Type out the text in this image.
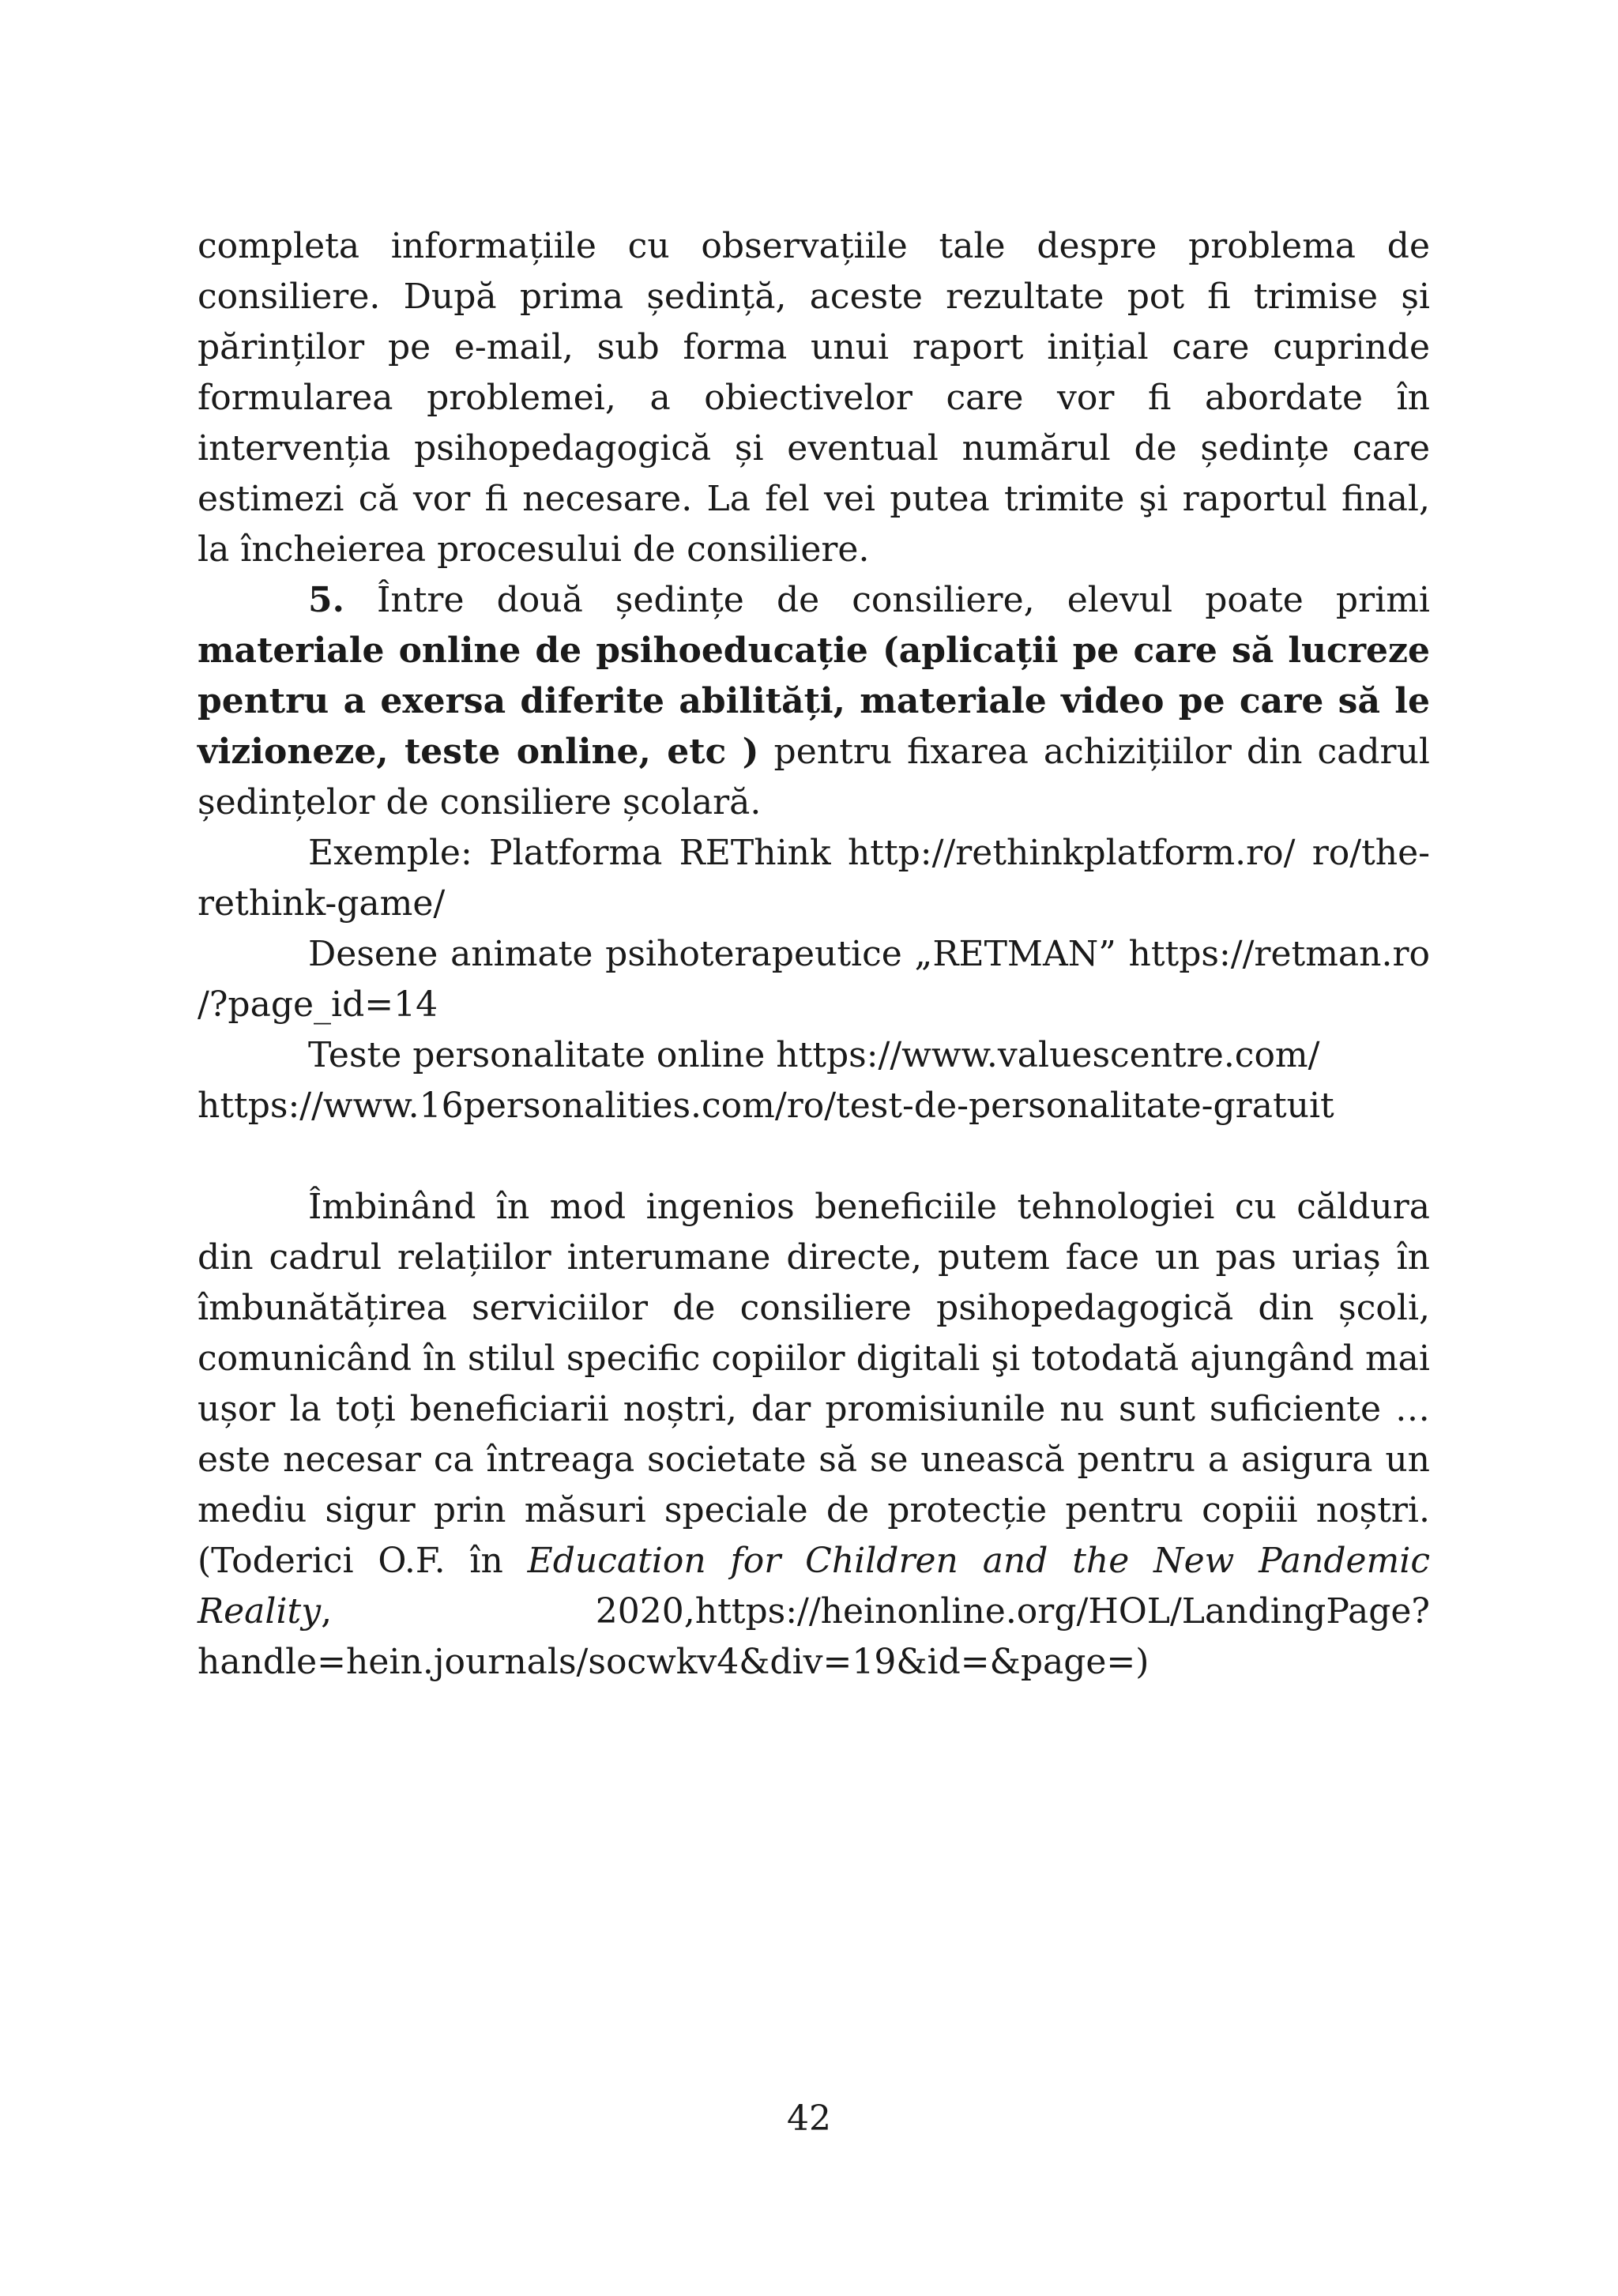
completa informațiile cu observațiile tale despre problema de consiliere. După prima ședință, aceste rezultate pot fi trimise și părinților pe e-mail, sub forma unui raport inițial care cuprinde formularea problemei, a obiectivelor care vor fi abordate în intervenția psihopedagogică și eventual numărul de ședințe care estimezi că vor fi necesare. La fel vei putea trimite şi raportul final, la încheierea procesului de consiliere.

5. Între două ședințe de consiliere, elevul poate primi materiale online de psihoeducație (aplicații pe care să lucreze pentru a exersa diferite abilități, materiale video pe care să le vizioneze, teste online, etc ) pentru fixarea achizițiilor din cadrul ședințelor de consiliere școlară.

Exemple: Platforma REThink http://rethinkplatform.ro/ ro/the-rethink-game/

Desene animate psihoterapeutice „RETMAN” https://retman.ro /?page_id=14

Teste personalitate online https://www.valuescentre.com/ https://www.16personalities.com/ro/test-de-personalitate-gratuit

Îmbinând în mod ingenios beneficiile tehnologiei cu căldura din cadrul relațiilor interumane directe, putem face un pas uriaș în îmbunătățirea serviciilor de consiliere psihopedagogică din școli, comunicând în stilul specific copiilor digitali şi totodată ajungând mai ușor la toți beneficiarii noștri, dar promisiunile nu sunt suficiente …este necesar ca întreaga societate să se unească pentru a asigura un mediu sigur prin măsuri speciale de protecție pentru copiii noștri. (Toderici O.F. în Education for Children and the New Pandemic Reality, 2020,https://heinonline.org/HOL/LandingPage? handle=hein.journals/socwkv4&div=19&id=&page=)

42
